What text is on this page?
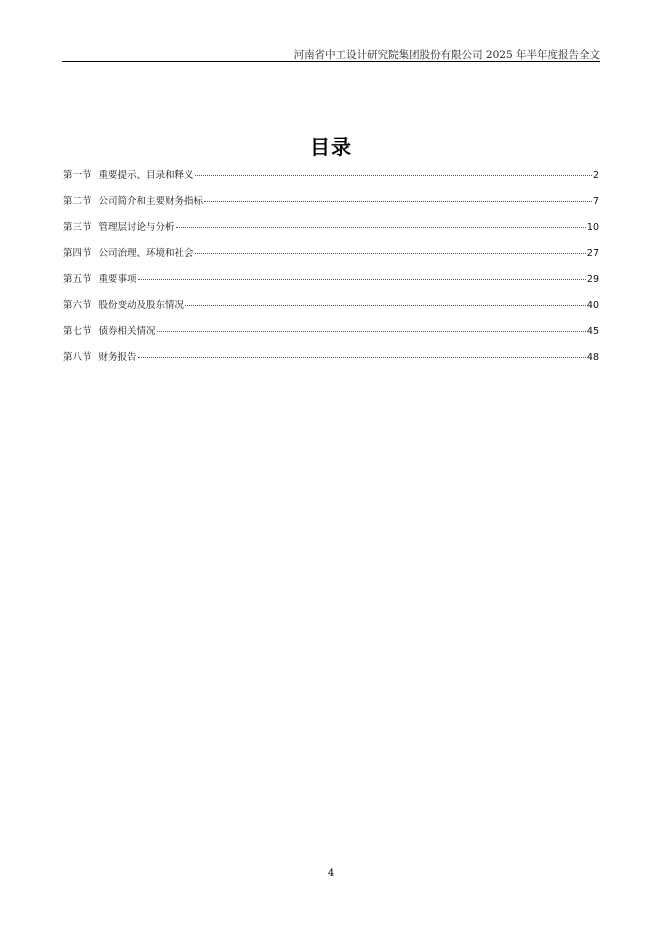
河南省中工设计研究院集团股份有限公司 2025 年半年度报告全文
目录
第一节 重要提示、目录和释义	2
第二节 公司简介和主要财务指标	7
第三节 管理层讨论与分析	10
第四节 公司治理、环境和社会	27
第五节 重要事项	29
第六节 股份变动及股东情况	40
第七节 债券相关情况	45
第八节 财务报告	48
4
